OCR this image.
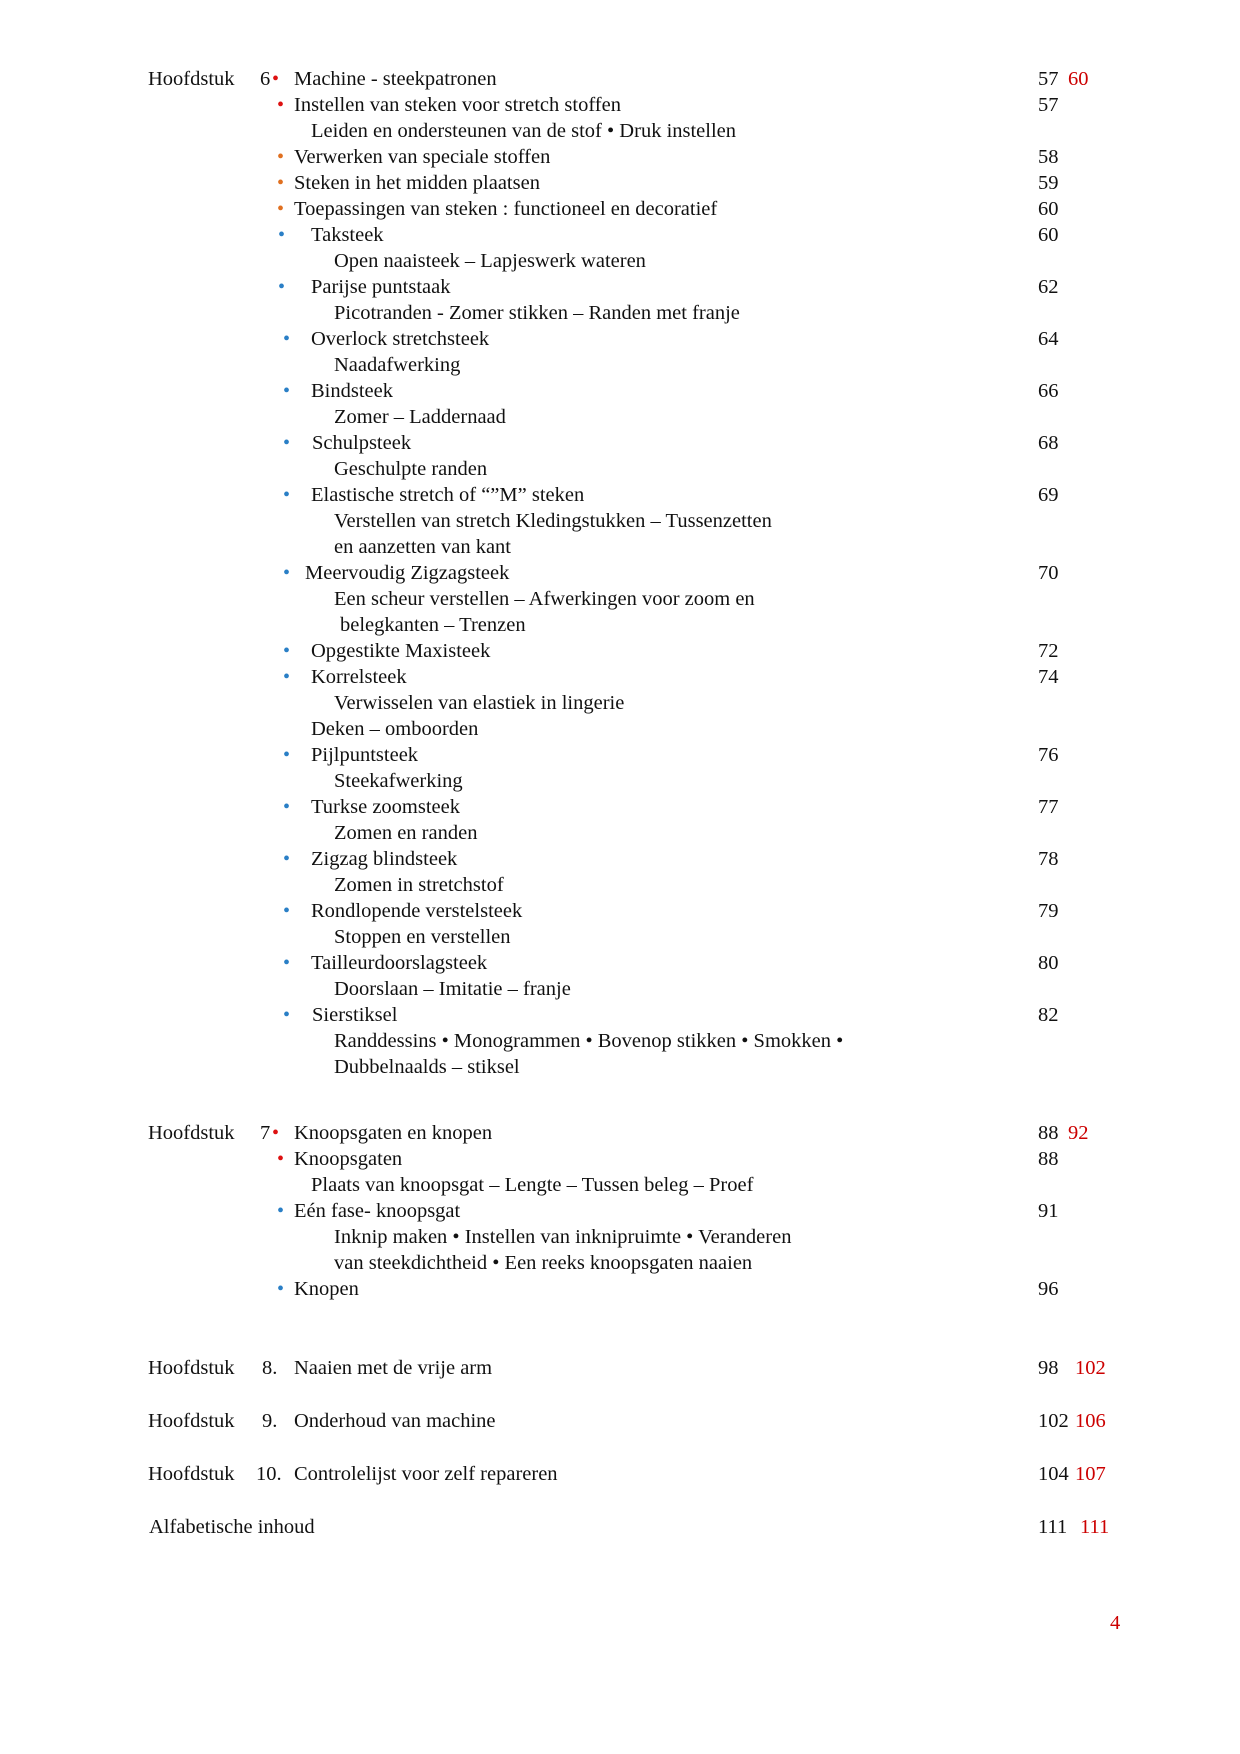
Hoofdstuk 6 • Machine - steekpatronen	57 60
• Instellen van steken voor stretch stoffen	57
Leiden en ondersteunen van de stof • Druk instellen
• Verwerken van speciale stoffen	58
• Steken in het midden plaatsen	59
• Toepassingen van steken : functioneel en decoratief	60
• Taksteek	60
Open naaisteek – Lapjeswerk wateren
• Parijse puntstaak	62
Picotranden - Zomer stikken – Randen met franje
• Overlock stretchsteek	64
Naadafwerking
• Bindsteek	66
Zomer – Laddernaad
• Schulpsteek	68
Geschulpte randen
• Elastische stretch of “”M” steken	69
Verstellen van stretch Kledingstukken – Tussenzetten
en aanzetten van kant
• Meervoudig Zigzagsteek	70
Een scheur verstellen – Afwerkingen voor zoom en
belegkanten – Trenzen
• Opgestikte Maxisteek	72
• Korrelsteek	74
Verwisselen van elastiek in lingerie
Deken – omboorden
• Pijlpuntsteek	76
Steekafwerking
• Turkse zoomsteek	77
Zomen en randen
• Zigzag blindsteek	78
Zomen in stretchstof
• Rondlopende verstelsteek	79
Stoppen en verstellen
• Tailleurdoorslagsteek	80
Doorslaan – Imitatie – franje
• Sierstiksel	82
Randdessins • Monogrammen • Bovenop stikken • Smokken •
Dubbelnaalds – stiksel
Hoofdstuk 7 • Knoopsgaten en knopen	88 92
• Knoopsgaten	88
Plaats van knoopsgat – Lengte – Tussen beleg – Proef
• Eén fase- knoopsgat	91
Inknip maken • Instellen van inknipruimte • Veranderen
van steekdichtheid • Een reeks knoopsgaten naaien
• Knopen	96
Hoofdstuk 8. Naaien met de vrije arm	98 102
Hoofdstuk 9. Onderhoud van machine	102 106
Hoofdstuk 10. Controlelijst voor zelf repareren	104 107
Alfabetische inhoud	111 111
4
